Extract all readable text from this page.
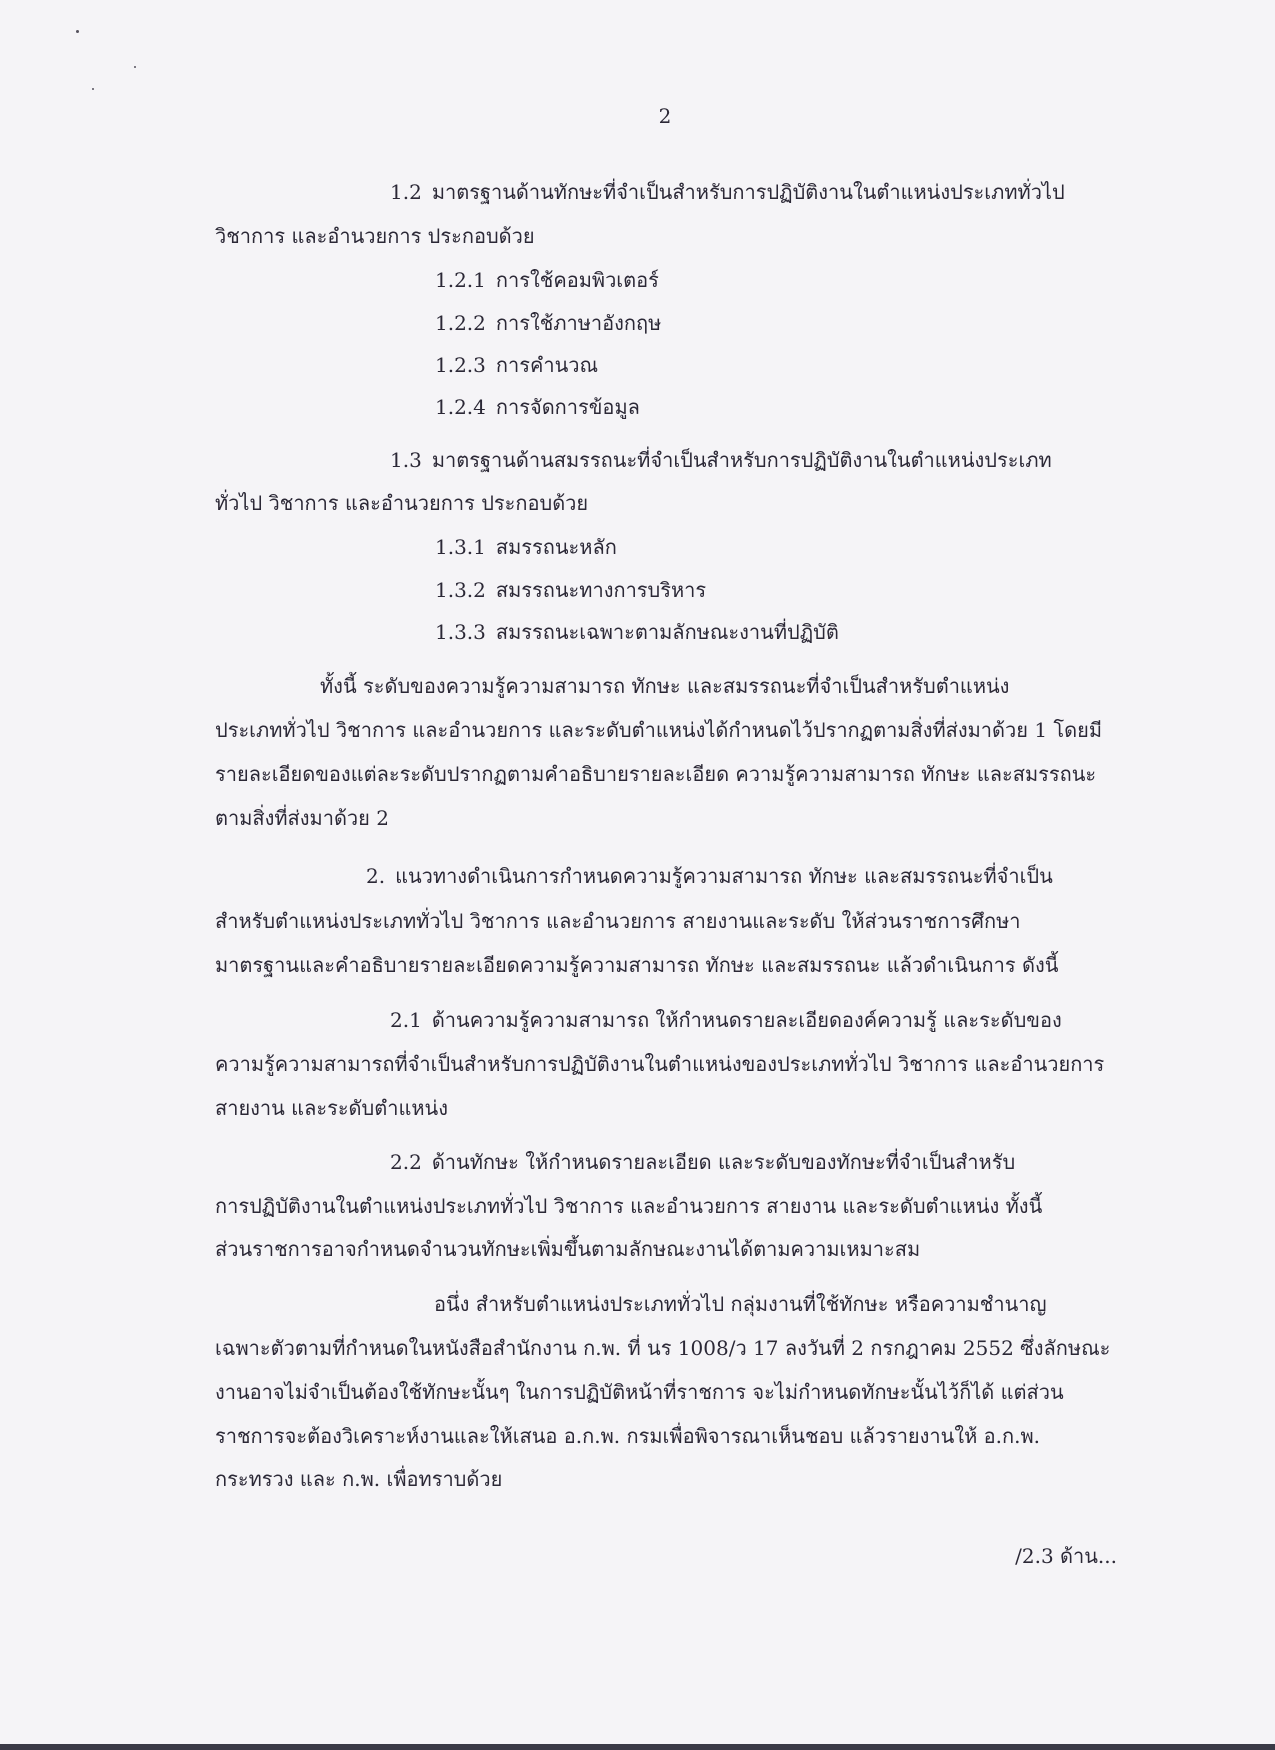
2
1.2 มาตรฐานด้านทักษะที่จำเป็นสำหรับการปฏิบัติงานในตำแหน่งประเภททั่วไป
วิชาการ และอำนวยการ ประกอบด้วย
1.2.1 การใช้คอมพิวเตอร์
1.2.2 การใช้ภาษาอังกฤษ
1.2.3 การคำนวณ
1.2.4 การจัดการข้อมูล
1.3 มาตรฐานด้านสมรรถนะที่จำเป็นสำหรับการปฏิบัติงานในตำแหน่งประเภท
ทั่วไป วิชาการ และอำนวยการ ประกอบด้วย
1.3.1 สมรรถนะหลัก
1.3.2 สมรรถนะทางการบริหาร
1.3.3 สมรรถนะเฉพาะตามลักษณะงานที่ปฏิบัติ
ทั้งนี้ ระดับของความรู้ความสามารถ ทักษะ และสมรรถนะที่จำเป็นสำหรับตำแหน่ง
ประเภททั่วไป วิชาการ และอำนวยการ และระดับตำแหน่งได้กำหนดไว้ปรากฏตามสิ่งที่ส่งมาด้วย 1 โดยมี
รายละเอียดของแต่ละระดับปรากฏตามคำอธิบายรายละเอียด ความรู้ความสามารถ ทักษะ และสมรรถนะ
ตามสิ่งที่ส่งมาด้วย 2
2. แนวทางดำเนินการกำหนดความรู้ความสามารถ ทักษะ และสมรรถนะที่จำเป็น
สำหรับตำแหน่งประเภททั่วไป วิชาการ และอำนวยการ สายงานและระดับ ให้ส่วนราชการศึกษา
มาตรฐานและคำอธิบายรายละเอียดความรู้ความสามารถ ทักษะ และสมรรถนะ แล้วดำเนินการ ดังนี้
2.1 ด้านความรู้ความสามารถ ให้กำหนดรายละเอียดองค์ความรู้ และระดับของ
ความรู้ความสามารถที่จำเป็นสำหรับการปฏิบัติงานในตำแหน่งของประเภททั่วไป วิชาการ และอำนวยการ
สายงาน และระดับตำแหน่ง
2.2 ด้านทักษะ ให้กำหนดรายละเอียด และระดับของทักษะที่จำเป็นสำหรับ
การปฏิบัติงานในตำแหน่งประเภททั่วไป วิชาการ และอำนวยการ สายงาน และระดับตำแหน่ง ทั้งนี้
ส่วนราชการอาจกำหนดจำนวนทักษะเพิ่มขึ้นตามลักษณะงานได้ตามความเหมาะสม
อนึ่ง สำหรับตำแหน่งประเภททั่วไป กลุ่มงานที่ใช้ทักษะ หรือความชำนาญ
เฉพาะตัวตามที่กำหนดในหนังสือสำนักงาน ก.พ. ที่ นร 1008/ว 17 ลงวันที่ 2 กรกฎาคม 2552 ซึ่งลักษณะ
งานอาจไม่จำเป็นต้องใช้ทักษะนั้นๆ ในการปฏิบัติหน้าที่ราชการ จะไม่กำหนดทักษะนั้นไว้ก็ได้ แต่ส่วน
ราชการจะต้องวิเคราะห์งานและให้เสนอ อ.ก.พ. กรมเพื่อพิจารณาเห็นชอบ แล้วรายงานให้ อ.ก.พ.
กระทรวง และ ก.พ. เพื่อทราบด้วย
/2.3 ด้าน...
